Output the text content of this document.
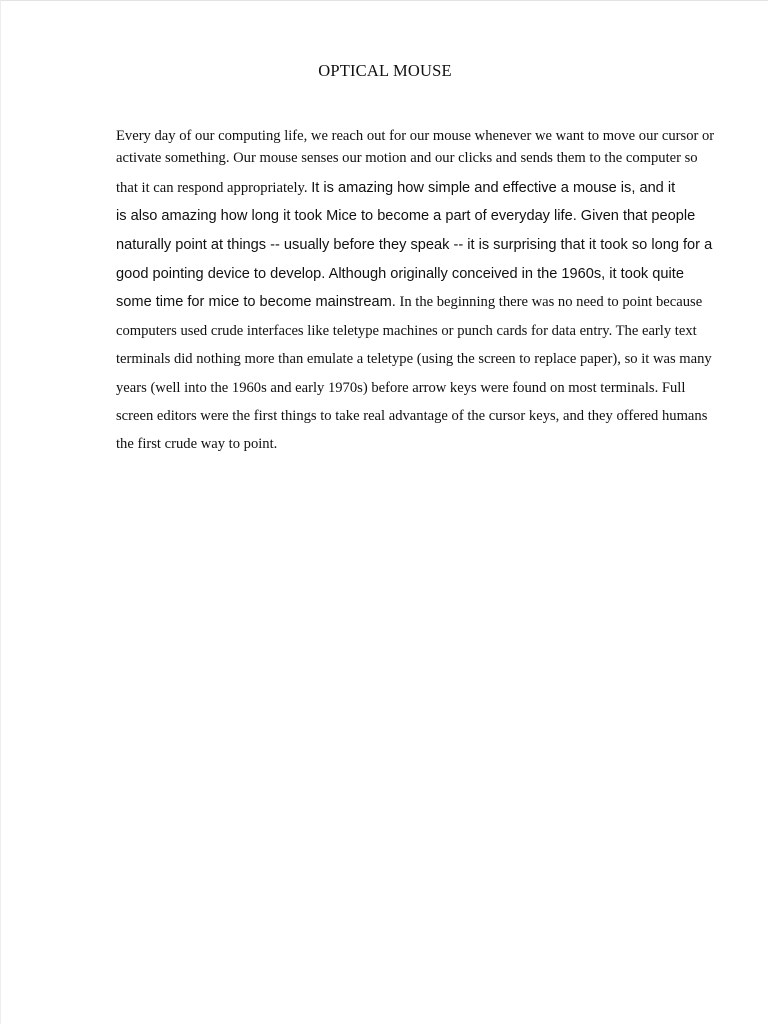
OPTICAL MOUSE
Every day of our computing life, we reach out for our mouse whenever we want to move our cursor or
activate something. Our mouse senses our motion and our clicks and sends them to the computer so
that it can respond appropriately. It is amazing how simple and effective a mouse is, and it
is also amazing how long it took Mice to become a part of everyday life. Given that people
naturally point at things -- usually before they speak -- it is surprising that it took so long for a
good pointing device to develop. Although originally conceived in the 1960s, it took quite
some time for mice to become mainstream. In the beginning there was no need to point because
computers used crude interfaces like teletype machines or punch cards for data entry. The early text
terminals did nothing more than emulate a teletype (using the screen to replace paper), so it was many
years (well into the 1960s and early 1970s) before arrow keys were found on most terminals. Full
screen editors were the first things to take real advantage of the cursor keys, and they offered humans
the first crude way to point.
